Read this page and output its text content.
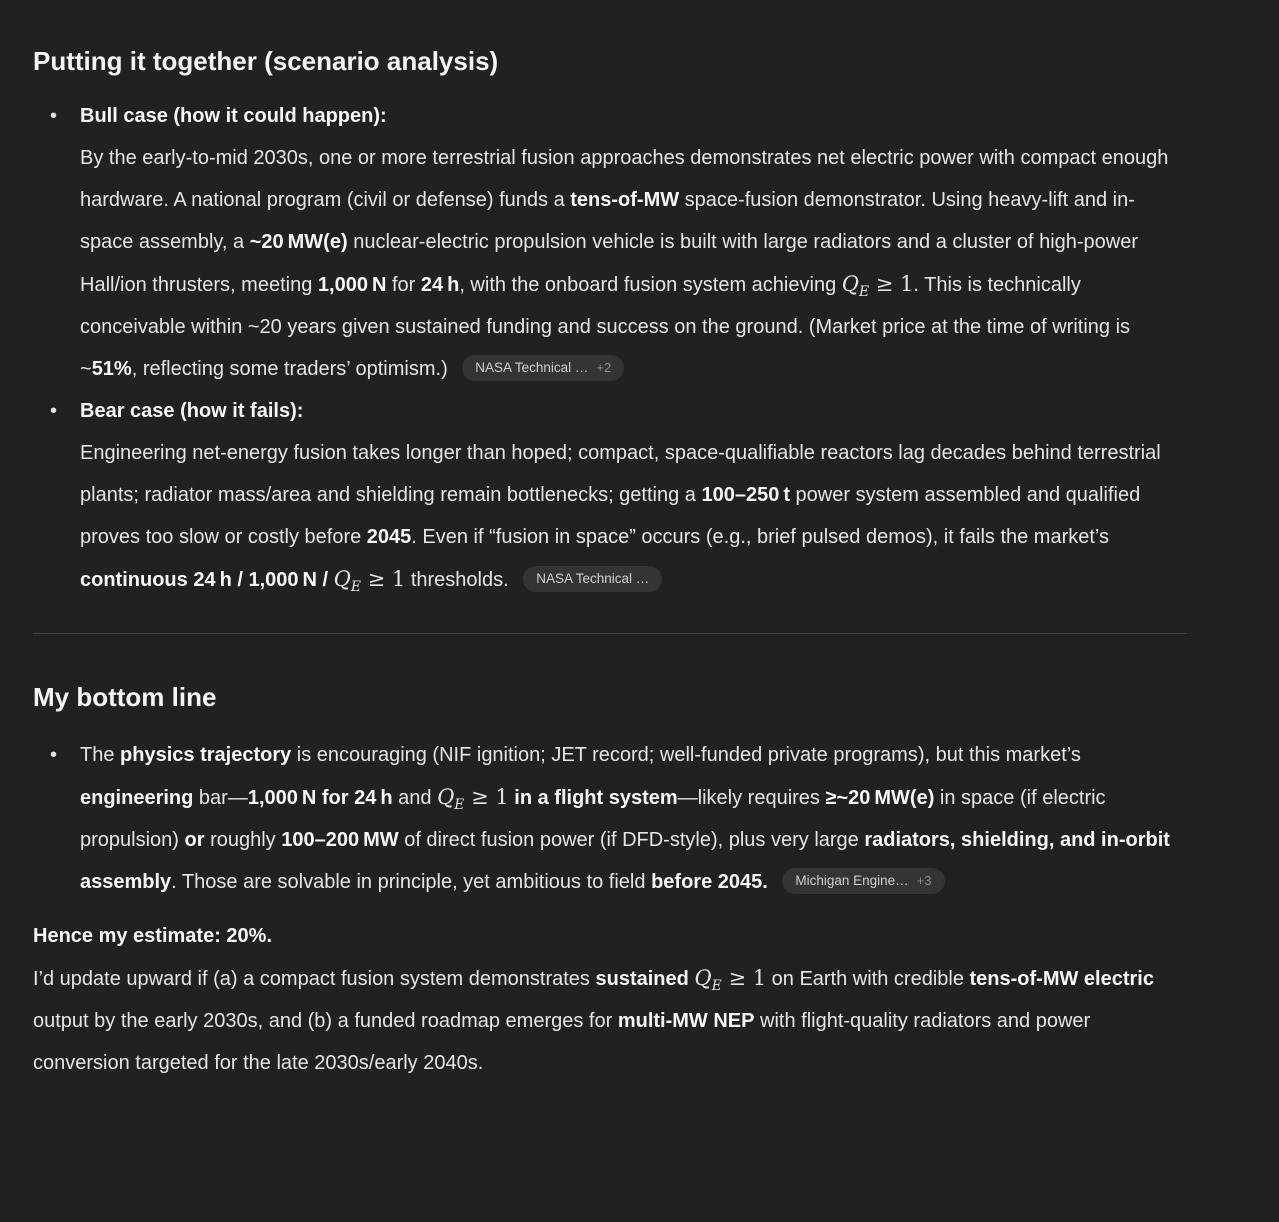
Putting it together (scenario analysis)

• Bull case (how it could happen):

By the early-to-mid 2030s, one or more terrestrial fusion approaches demonstrates net electric power with compact enough hardware. A national program (civil or defense) funds a tens-of-MW space-fusion demonstrator. Using heavy-lift and in-space assembly, a ~20 MW(e) nuclear-electric propulsion vehicle is built with large radiators and a cluster of high-power Hall/ion thrusters, meeting 1,000 N for 24 h, with the onboard fusion system achieving $Q_E \ge 1$. This is technically conceivable within ~20 years given sustained funding and success on the ground. (Market price at the time of writing is ~51%, reflecting some traders’ optimism.) NASA Technical … +2

• Bear case (how it fails):

Engineering net-energy fusion takes longer than hoped; compact, space-qualifiable reactors lag decades behind terrestrial plants; radiator mass/area and shielding remain bottlenecks; getting a 100–250 t power system assembled and qualified proves too slow or costly before 2045. Even if “fusion in space” occurs (e.g., brief pulsed demos), it fails the market’s continuous 24 h / 1,000 $N / Q_E \ge 1$ thresholds. NASA Technical …

My bottom line

• The physics trajectory is encouraging (NIF ignition; JET record; well-funded private programs), but this market’s engineering bar—1,000 N for 24 h and $Q_E \ge 1$ in a flight system—likely requires ≥~20 MW(e) in space (if electric propulsion) or roughly 100–200 MW of direct fusion power (if DFD-style), plus very large radiators, shielding, and in-orbit assembly. Those are solvable in principle, yet ambitious to field before 2045. Michigan Engine… +3

Hence my estimate: 20%.

I’d update upward if (a) a compact fusion system demonstrates sustained $Q_E \ge 1$ on Earth with credible tens-of-MW electric output by the early 2030s, and (b) a funded roadmap emerges for multi-MW NEP with flight-quality radiators and power conversion targeted for the late 2030s/early 2040s.
